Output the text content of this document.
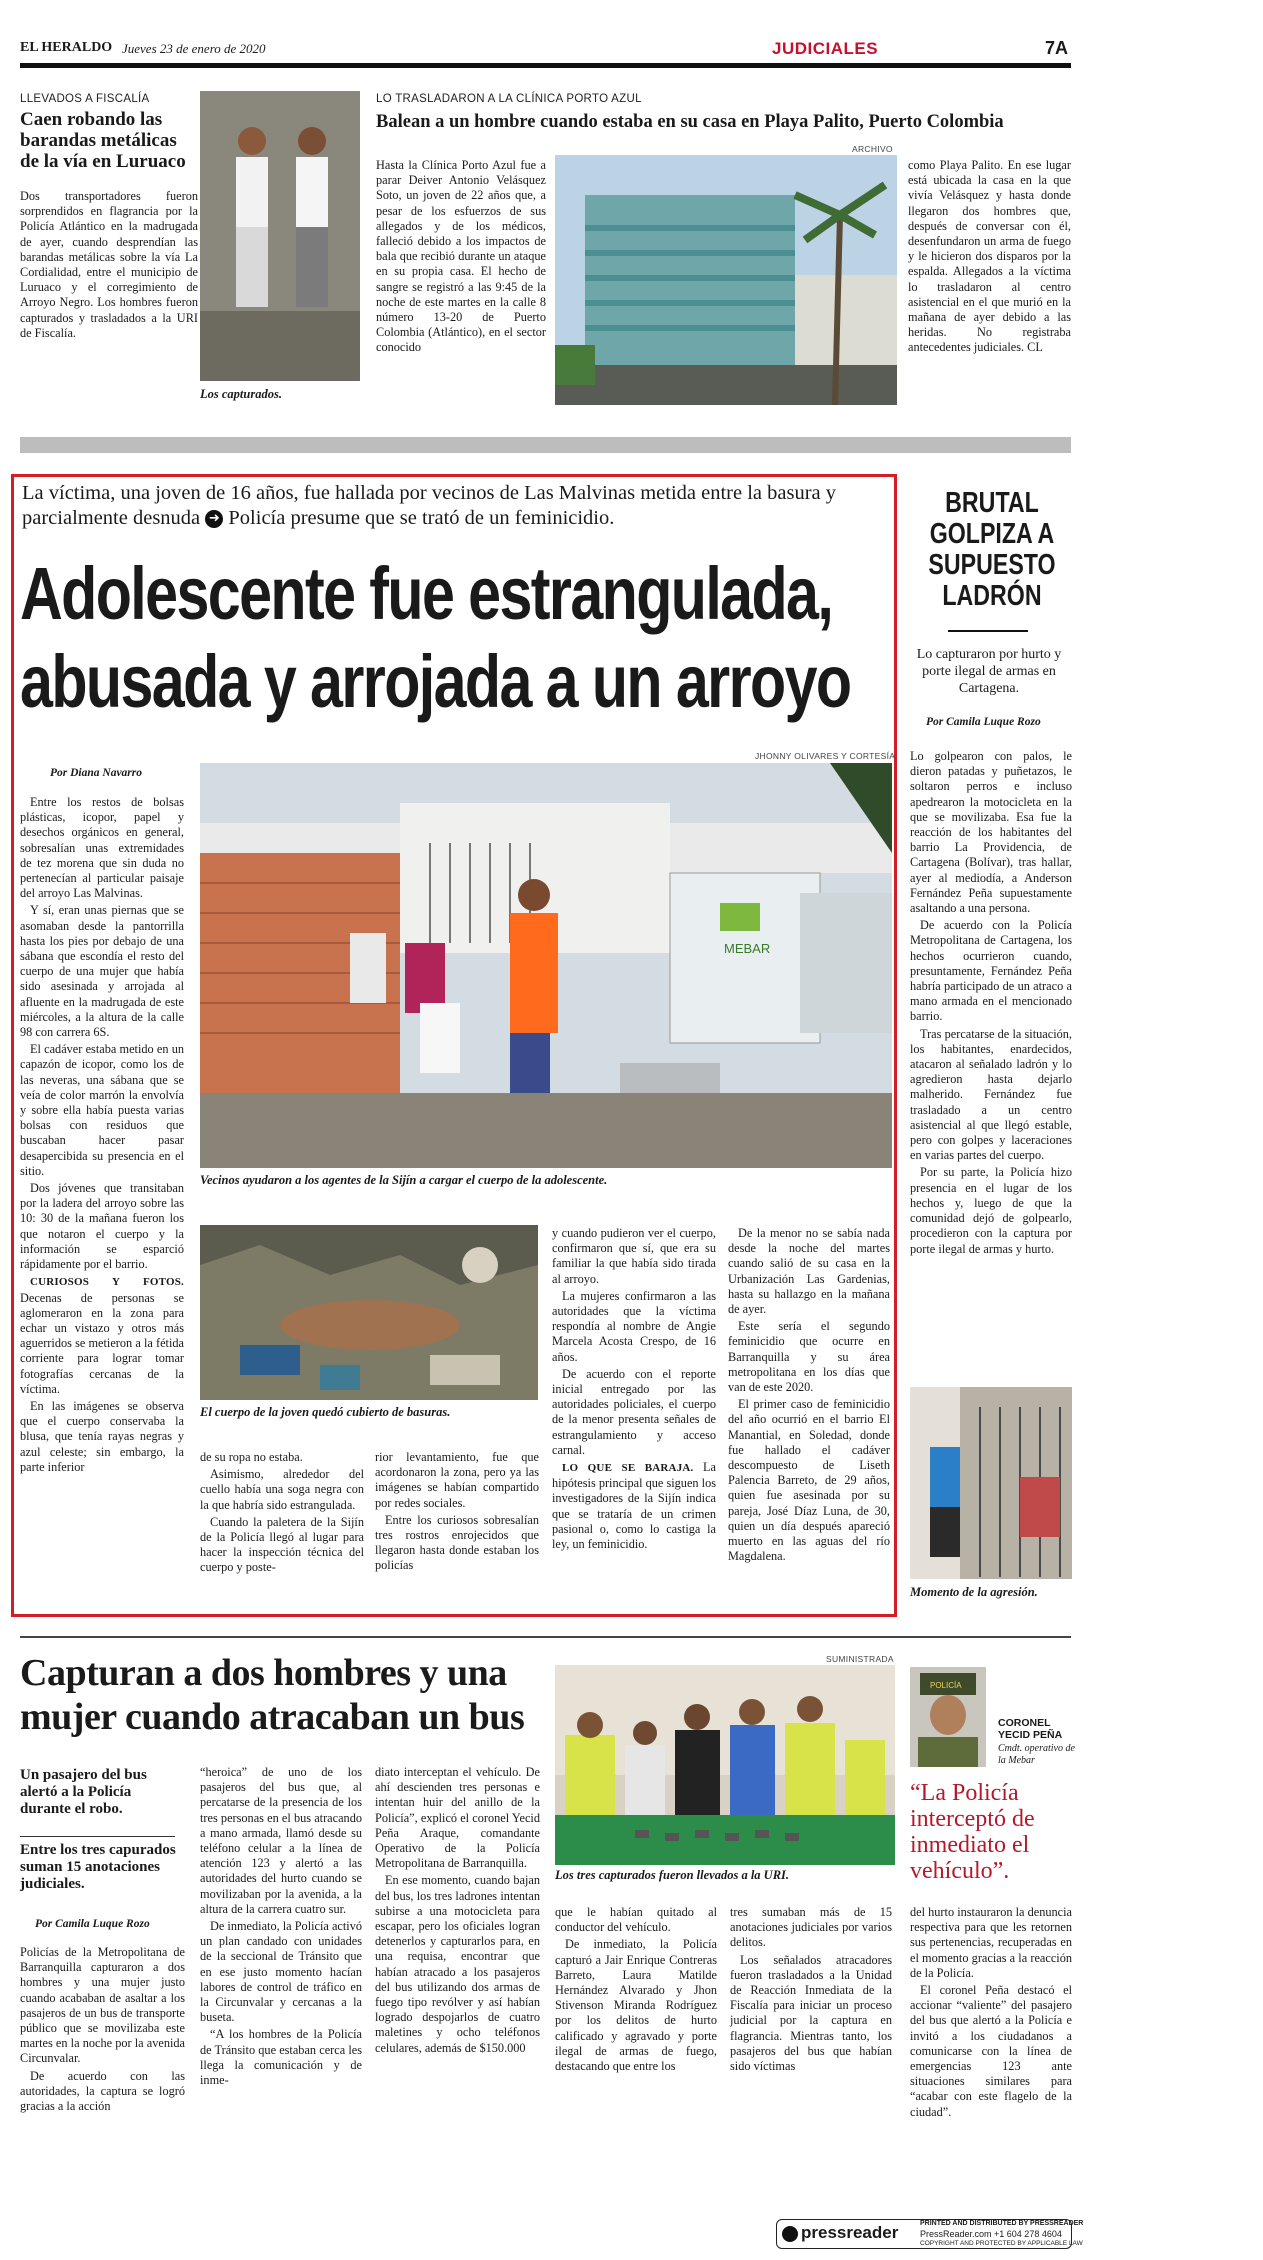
EL HERALDO Jueves 23 de enero de 2020	JUDICIALES	7A
LLEVADOS A FISCALÍA
Caen robando las barandas metálicas de la vía en Luruaco

Dos transportadores fueron sorprendidos en flagrancia por la Policía Atlántico en la madrugada de ayer, cuando desprendían las barandas metálicas sobre la vía La Cordialidad, entre el municipio de Luruaco y el corregimiento de Arroyo Negro. Los hombres fueron capturados y trasladados a la URI de Fiscalía.

Los capturados.
LO TRASLADARON A LA CLÍNICA PORTO AZUL
Balean a un hombre cuando estaba en su casa en Playa Palito, Puerto Colombia
ARCHIVO

Hasta la Clínica Porto Azul fue a parar Deiver Antonio Velásquez Soto, un joven de 22 años que, a pesar de los esfuerzos de sus allegados y de los médicos, falleció debido a los impactos de bala que recibió durante un ataque en su propia casa. El hecho de sangre se registró a las 9:45 de la noche de este martes en la calle 8 número 13-20 de Puerto Colombia (Atlántico), en el sector conocido

como Playa Palito. En ese lugar está ubicada la casa en la que vivía Velásquez y hasta donde llegaron dos hombres que, después de conversar con él, desenfundaron un arma de fuego y le hicieron dos disparos por la espalda. Allegados a la víctima lo trasladaron al centro asistencial en el que murió en la mañana de ayer debido a las heridas. No registraba antecedentes judiciales. CL

La víctima, una joven de 16 años, fue hallada por vecinos de Las Malvinas metida entre la basura y parcialmente desnuda ➜ Policía presume que se trató de un feminicidio.
Adolescente fue estrangulada,
abusada y arrojada a un arroyo
Por Diana Navarro
JHONNY OLIVARES Y CORTESÍA
MEBAR
Vecinos ayudaron a los agentes de la Sijín a cargar el cuerpo de la adolescente.
El cuerpo de la joven quedó cubierto de basuras.

Entre los restos de bolsas plásticas, icopor, papel y desechos orgánicos en general, sobresalían unas extremidades de tez morena que sin duda no pertenecían al particular paisaje del arroyo Las Malvinas.

Y sí, eran unas piernas que se asomaban desde la pantorrilla hasta los pies por debajo de una sábana que escondía el resto del cuerpo de una mujer que había sido asesinada y arrojada al afluente en la madrugada de este miércoles, a la altura de la calle 98 con carrera 6S.

El cadáver estaba metido en un capazón de icopor, como los de las neveras, una sábana que se veía de color marrón la envolvía y sobre ella había puesta varias bolsas con residuos que buscaban hacer pasar desapercibida su presencia en el sitio.

Dos jóvenes que transitaban por la ladera del arroyo sobre las 10: 30 de la mañana fueron los que notaron el cuerpo y la información se esparció rápidamente por el barrio.

CURIOSOS Y FOTOS. Decenas de personas se aglomeraron en la zona para echar un vistazo y otros más aguerridos se metieron a la fétida corriente para lograr tomar fotografías cercanas de la víctima.

En las imágenes se observa que el cuerpo conservaba la blusa, que tenía rayas negras y azul celeste; sin embargo, la parte inferior

de su ropa no estaba.

Asimismo, alrededor del cuello había una soga negra con la que habría sido estrangulada.

Cuando la paletera de la Sijín de la Policía llegó al lugar para hacer la inspección técnica del cuerpo y poste-

rior levantamiento, fue que acordonaron la zona, pero ya las imágenes se habían compartido por redes sociales.

Entre los curiosos sobresalían tres rostros enrojecidos que llegaron hasta donde estaban los policías

y cuando pudieron ver el cuerpo, confirmaron que sí, que era su familiar la que había sido tirada al arroyo.

La mujeres confirmaron a las autoridades que la víctima respondía al nombre de Angie Marcela Acosta Crespo, de 16 años.

De acuerdo con el reporte inicial entregado por las autoridades policiales, el cuerpo de la menor presenta señales de estrangulamiento y acceso carnal.

LO QUE SE BARAJA. La hipótesis principal que siguen los investigadores de la Sijín indica que se trataría de un crimen pasional o, como lo castiga la ley, un feminicidio.

De la menor no se sabía nada desde la noche del martes cuando salió de su casa en la Urbanización Las Gardenias, hasta su hallazgo en la mañana de ayer.

Este sería el segundo feminicidio que ocurre en Barranquilla y su área metropolitana en los días que van de este 2020.

El primer caso de feminicidio del año ocurrió en el barrio El Manantial, en Soledad, donde fue hallado el cadáver descompuesto de Liseth Palencia Barreto, de 29 años, quien fue asesinada por su pareja, José Díaz Luna, de 30, quien un día después apareció muerto en las aguas del río Magdalena.

BRUTAL GOLPIZA A SUPUESTO LADRÓN
Lo capturaron por hurto y porte ilegal de armas en Cartagena.
Por Camila Luque Rozo

Lo golpearon con palos, le dieron patadas y puñetazos, le soltaron perros e incluso apedrearon la motocicleta en la que se movilizaba. Esa fue la reacción de los habitantes del barrio La Providencia, de Cartagena (Bolívar), tras hallar, ayer al mediodía, a Anderson Fernández Peña supuestamente asaltando a una persona.

De acuerdo con la Policía Metropolitana de Cartagena, los hechos ocurrieron cuando, presuntamente, Fernández Peña habría participado de un atraco a mano armada en el mencionado barrio.

Tras percatarse de la situación, los habitantes, enardecidos, atacaron al señalado ladrón y lo agredieron hasta dejarlo malherido. Fernández fue trasladado a un centro asistencial al que llegó estable, pero con golpes y laceraciones en varias partes del cuerpo.

Por su parte, la Policía hizo presencia en el lugar de los hechos y, luego de que la comunidad dejó de golpearlo, procedieron con la captura por porte ilegal de armas y hurto.

Momento de la agresión.
Capturan a dos hombres y una mujer cuando atracaban un bus
Un pasajero del bus alertó a la Policía durante el robo.
Entre los tres capurados suman 15 anotaciones judiciales.
Por Camila Luque Rozo
SUMINISTRADA
Los tres capturados fueron llevados a la URI.
POLICÍA
CORONEL YECID PEÑA
Cmdt. operativo de la Mebar
“La Policía interceptó de inmediato el vehículo”.

Policías de la Metropolitana de Barranquilla capturaron a dos hombres y una mujer justo cuando acababan de asaltar a los pasajeros de un bus de transporte público que se movilizaba este martes en la noche por la avenida Circunvalar.

De acuerdo con las autoridades, la captura se logró gracias a la acción

“heroica” de uno de los pasajeros del bus que, al percatarse de la presencia de los tres personas en el bus atracando a mano armada, llamó desde su teléfono celular a la línea de atención 123 y alertó a las autoridades del hurto cuando se movilizaban por la avenida, a la altura de la carrera cuatro sur.

De inmediato, la Policía activó un plan candado con unidades de la seccional de Tránsito que en ese justo momento hacían labores de control de tráfico en la Circunvalar y cercanas a la buseta.

“A los hombres de la Policía de Tránsito que estaban cerca les llega la comunicación y de inme-

diato interceptan el vehículo. De ahí descienden tres personas e intentan huir del anillo de la Policía”, explicó el coronel Yecid Peña Araque, comandante Operativo de la Policía Metropolitana de Barranquilla.

En ese momento, cuando bajan del bus, los tres ladrones intentan subirse a una motocicleta para escapar, pero los oficiales logran detenerlos y capturarlos para, en una requisa, encontrar que habían atracado a los pasajeros del bus utilizando dos armas de fuego tipo revólver y así habían logrado despojarlos de cuatro maletines y ocho teléfonos celulares, además de $150.000

que le habían quitado al conductor del vehículo.

De inmediato, la Policía capturó a Jair Enrique Contreras Barreto, Laura Matilde Hernández Alvarado y Jhon Stivenson Miranda Rodríguez por los delitos de hurto calificado y agravado y porte ilegal de armas de fuego, destacando que entre los

tres sumaban más de 15 anotaciones judiciales por varios delitos.

Los señalados atracadores fueron trasladados a la Unidad de Reacción Inmediata de la Fiscalía para iniciar un proceso judicial por la captura en flagrancia. Mientras tanto, los pasajeros del bus que habían sido víctimas

del hurto instauraron la denuncia respectiva para que les retornen sus pertenencias, recuperadas en el momento gracias a la reacción de la Policía.

El coronel Peña destacó el accionar “valiente” del pasajero del bus que alertó a la Policía e invitó a los ciudadanos a comunicarse con la línea de emergencias 123 ante situaciones similares para “acabar con este flagelo de la ciudad”.

pressreader	PRINTED AND DISTRIBUTED BY PRESSREADER
PressReader.com +1 604 278 4604
COPYRIGHT AND PROTECTED BY APPLICABLE LAW
